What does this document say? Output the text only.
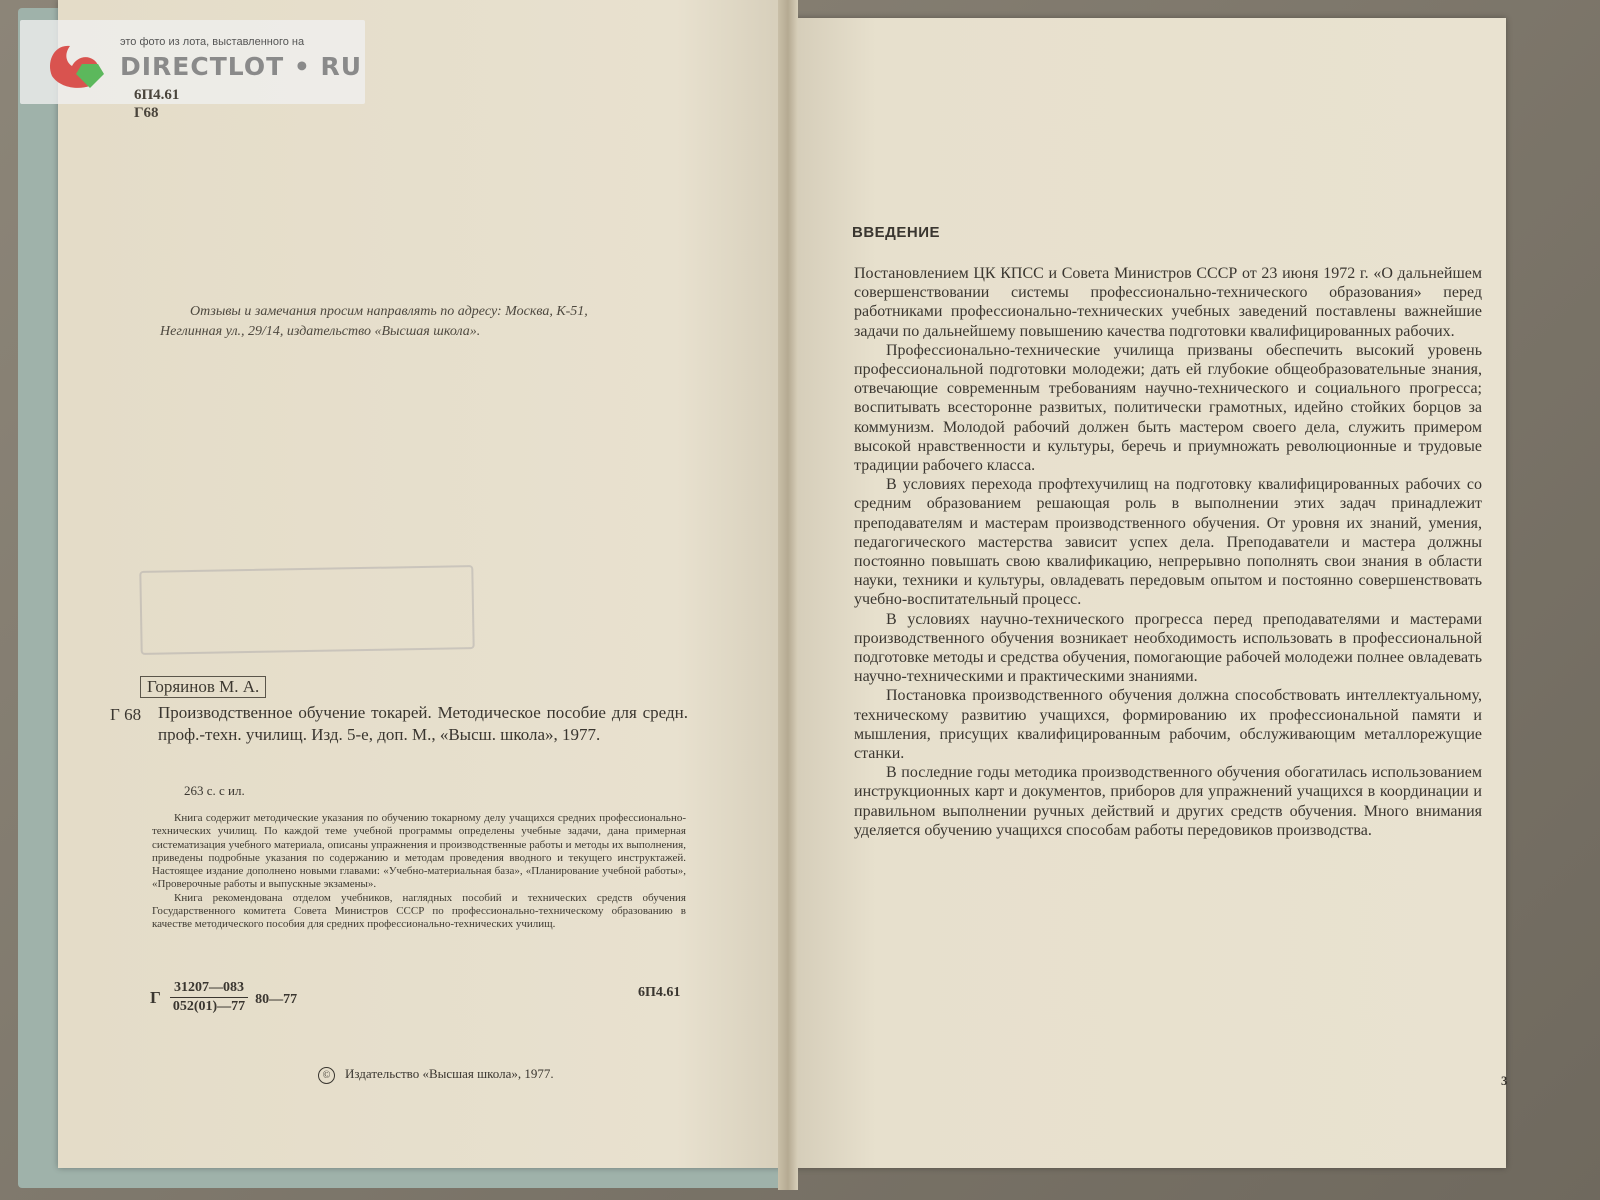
это фото из лота, выставленного на
DIRECTLOT • RU
6П4.61
Г68
Отзывы и замечания просим направлять по адресу: Москва, К-51,
Неглинная ул., 29/14, издательство «Высшая школа».
Горяинов М. А.
Г 68 Производственное обучение токарей. Методическое пособие для средн. проф.-техн. училищ. Изд. 5-е, доп. М., «Высш. школа», 1977.
263 с. с ил.

Книга содержит методические указания по обучению токарному делу учащихся средних профессионально-технических училищ. По каждой теме учебной программы определены учебные задачи, дана примерная систематизация учебного материала, описаны упражнения и производственные работы и методы их выполнения, приведены подробные указания по содержанию и методам проведения вводного и текущего инструктажей. Настоящее издание дополнено новыми главами: «Учебно-материальная база», «Планирование учебной работы», «Проверочные работы и выпускные экзамены».

Книга рекомендована отделом учебников, наглядных пособий и технических средств обучения Государственного комитета Совета Министров СССР по профессионально-техническому образованию в качестве методического пособия для средних профессионально-технических училищ.

Г $\frac{31207—083}{052(01)—77}$ 80—77	6П4.61
© Издательство «Высшая школа», 1977.
ВВЕДЕНИЕ

Постановлением ЦК КПСС и Совета Министров СССР от 23 июня 1972 г. «О дальнейшем совершенствовании системы профессионально-технического образования» перед работниками профессионально-технических учебных заведений поставлены важнейшие задачи по дальнейшему повышению качества подготовки квалифицированных рабочих.

Профессионально-технические училища призваны обеспечить высокий уровень профессиональной подготовки молодежи; дать ей глубокие общеобразовательные знания, отвечающие современным требованиям научно-технического и социального прогресса; воспитывать всесторонне развитых, политически грамотных, идейно стойких борцов за коммунизм. Молодой рабочий должен быть мастером своего дела, служить примером высокой нравственности и культуры, беречь и приумножать революционные и трудовые традиции рабочего класса.

В условиях перехода профтехучилищ на подготовку квалифицированных рабочих со средним образованием решающая роль в выполнении этих задач принадлежит преподавателям и мастерам производственного обучения. От уровня их знаний, умения, педагогического мастерства зависит успех дела. Преподаватели и мастера должны постоянно повышать свою квалификацию, непрерывно пополнять свои знания в области науки, техники и культуры, овладевать передовым опытом и постоянно совершенствовать учебно-воспитательный процесс.

В условиях научно-технического прогресса перед преподавателями и мастерами производственного обучения возникает необходимость использовать в профессиональной подготовке методы и средства обучения, помогающие рабочей молодежи полнее овладевать научно-техническими и практическими знаниями.

Постановка производственного обучения должна способствовать интеллектуальному, техническому развитию учащихся, формированию их профессиональной памяти и мышления, присущих квалифицированным рабочим, обслуживающим металлорежущие станки.

В последние годы методика производственного обучения обогатилась использованием инструкционных карт и документов, приборов для упражнений учащихся в координации и правильном выполнении ручных действий и других средств обучения. Много внимания уделяется обучению учащихся способам работы передовиков производства.

3
